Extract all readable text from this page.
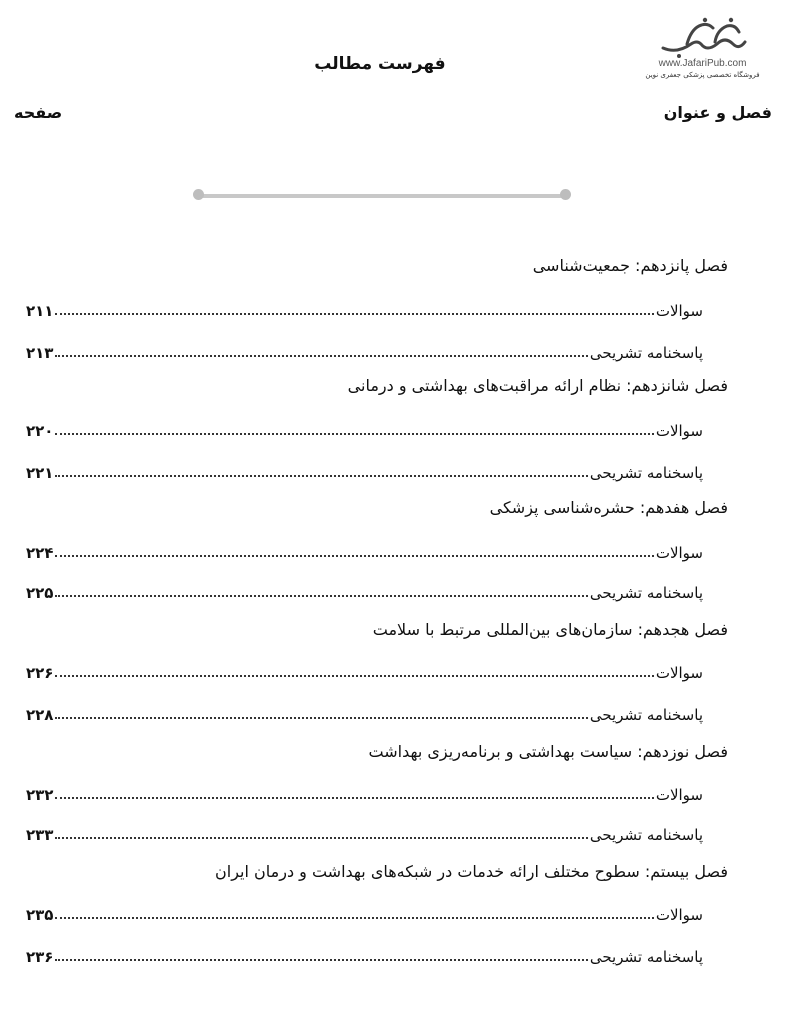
www.JafariPub.com
فروشگاه تخصصی پزشکی جعفری نوین
فهرست مطالب
فصل و عنوان
صفحه
فصل پانزدهم: جمعیت‌شناسی
سوالات
۲۱۱
پاسخنامه تشریحی
۲۱۳
فصل شانزدهم: نظام ارائه مراقبت‌های بهداشتی و درمانی
سوالات
۲۲۰
پاسخنامه تشریحی
۲۲۱
فصل هفدهم: حشره‌شناسی پزشکی
سوالات
۲۲۴
پاسخنامه تشریحی
۲۲۵
فصل هجدهم: سازمان‌های بین‌المللی مرتبط با سلامت
سوالات
۲۲۶
پاسخنامه تشریحی
۲۲۸
فصل نوزدهم: سیاست بهداشتی و برنامه‌ریزی بهداشت
سوالات
۲۳۲
پاسخنامه تشریحی
۲۳۳
فصل بیستم: سطوح مختلف ارائه خدمات در شبکه‌های بهداشت و درمان ایران
سوالات
۲۳۵
پاسخنامه تشریحی
۲۳۶
